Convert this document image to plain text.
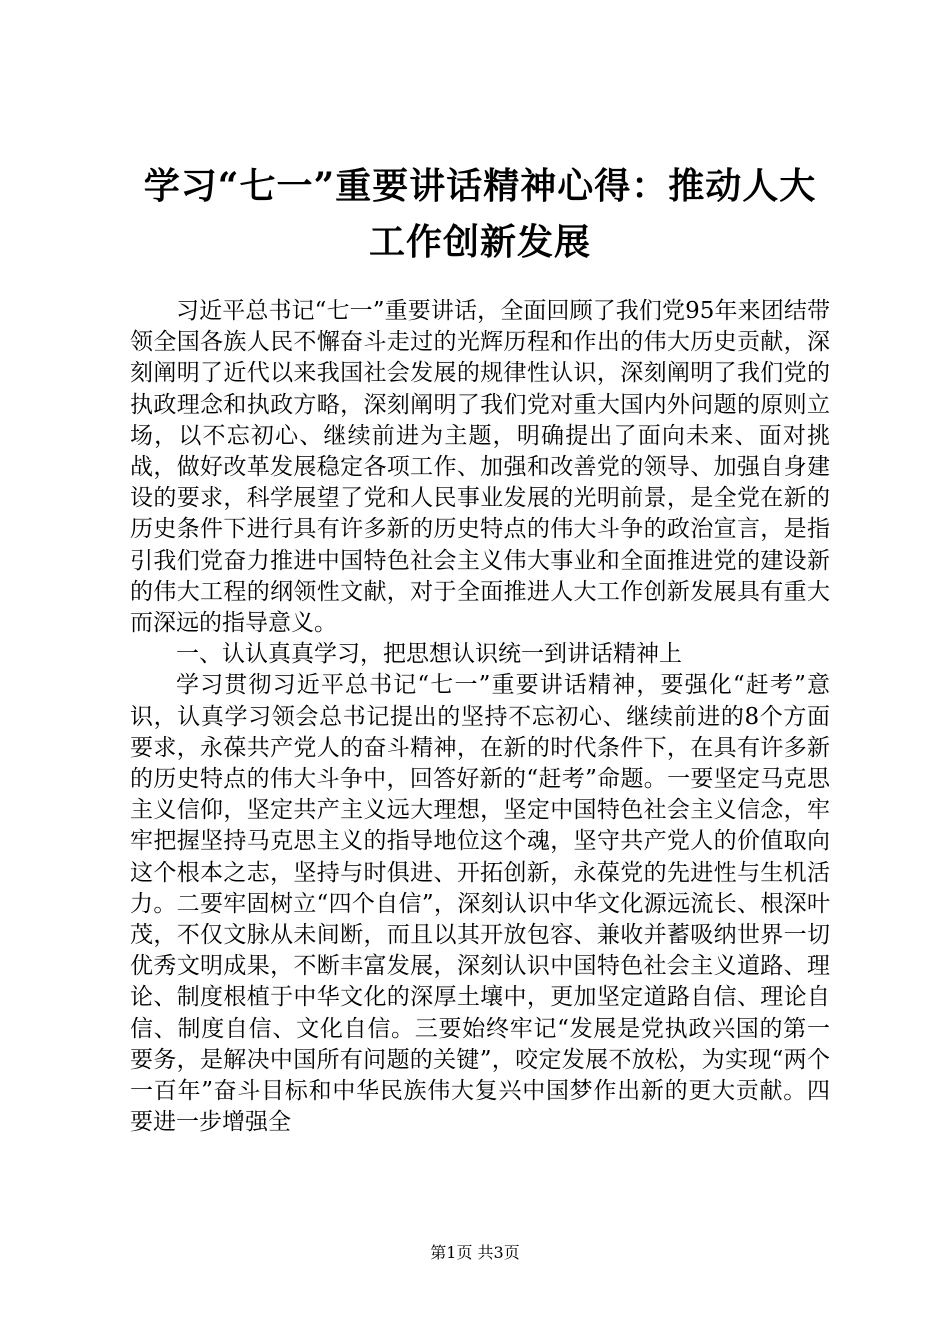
学习“七一”重要讲话精神心得：推动人大工作创新发展

习近平总书记“七一”重要讲话，全面回顾了我们党95年来团结带领全国各族人民不懈奋斗走过的光辉历程和作出的伟大历史贡献，深刻阐明了近代以来我国社会发展的规律性认识，深刻阐明了我们党的执政理念和执政方略，深刻阐明了我们党对重大国内外问题的原则立场，以不忘初心、继续前进为主题，明确提出了面向未来、面对挑战，做好改革发展稳定各项工作、加强和改善党的领导、加强自身建设的要求，科学展望了党和人民事业发展的光明前景，是全党在新的历史条件下进行具有许多新的历史特点的伟大斗争的政治宣言，是指引我们党奋力推进中国特色社会主义伟大事业和全面推进党的建设新的伟大工程的纲领性文献，对于全面推进人大工作创新发展具有重大而深远的指导意义。

一、认认真真学习，把思想认识统一到讲话精神上

学习贯彻习近平总书记“七一”重要讲话精神，要强化“赶考”意识，认真学习领会总书记提出的坚持不忘初心、继续前进的8个方面要求，永葆共产党人的奋斗精神，在新的时代条件下，在具有许多新的历史特点的伟大斗争中，回答好新的“赶考”命题。一要坚定马克思主义信仰，坚定共产主义远大理想，坚定中国特色社会主义信念，牢牢把握坚持马克思主义的指导地位这个魂，坚守共产党人的价值取向这个根本之志，坚持与时俱进、开拓创新，永葆党的先进性与生机活力。二要牢固树立“四个自信”，深刻认识中华文化源远流长、根深叶茂，不仅文脉从未间断，而且以其开放包容、兼收并蓄吸纳世界一切优秀文明成果，不断丰富发展，深刻认识中国特色社会主义道路、理论、制度根植于中华文化的深厚土壤中，更加坚定道路自信、理论自信、制度自信、文化自信。三要始终牢记“发展是党执政兴国的第一要务，是解决中国所有问题的关键”，咬定发展不放松，为实现“两个一百年”奋斗目标和中华民族伟大复兴中国梦作出新的更大贡献。四要进一步增强全

第1页 共3页
